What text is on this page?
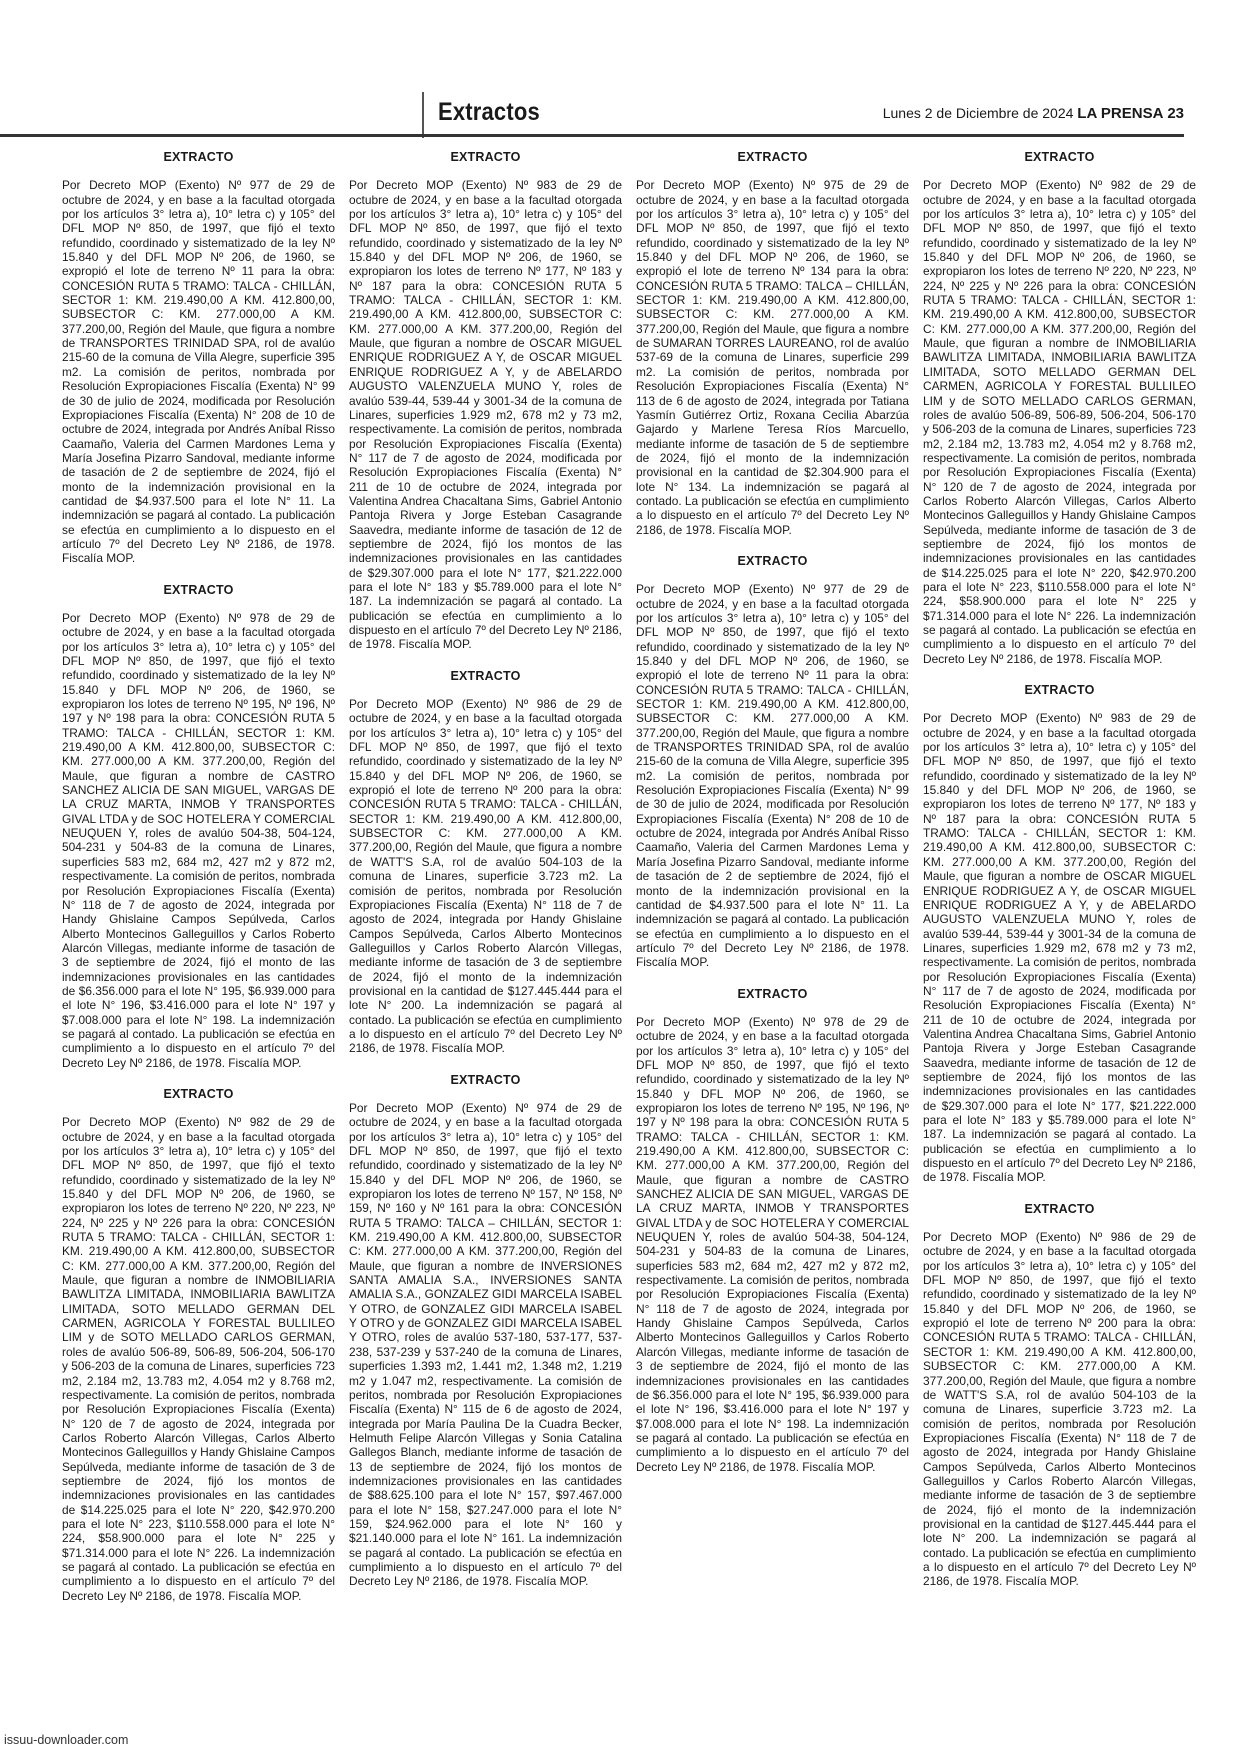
Extractos	Lunes 2 de Diciembre de 2024 LA PRENSA 23
EXTRACTO

Por Decreto MOP (Exento) Nº 977 de 29 de octubre de 2024, y en base a la facultad otorgada por los artículos 3° letra a), 10° letra c) y 105° del DFL MOP Nº 850, de 1997, que fijó el texto refundido, coordinado y sistematizado de la ley Nº 15.840 y del DFL MOP Nº 206, de 1960, se expropió el lote de terreno Nº 11 para la obra: CONCESIÓN RUTA 5 TRAMO: TALCA - CHILLÁN, SECTOR 1: KM. 219.490,00 A KM. 412.800,00, SUBSECTOR C: KM. 277.000,00 A KM. 377.200,00, Región del Maule, que figura a nombre de TRANSPORTES TRINIDAD SPA, rol de avalúo 215-60 de la comuna de Villa Alegre, superficie 395 m2. La comisión de peritos, nombrada por Resolución Expropiaciones Fiscalía (Exenta) N° 99 de 30 de julio de 2024, modificada por Resolución Expropiaciones Fiscalía (Exenta) N° 208 de 10 de octubre de 2024, integrada por Andrés Aníbal Risso Caamaño, Valeria del Carmen Mardones Lema y María Josefina Pizarro Sandoval, mediante informe de tasación de 2 de septiembre de 2024, fijó el monto de la indemnización provisional en la cantidad de $4.937.500 para el lote N° 11. La indemnización se pagará al contado. La publicación se efectúa en cumplimiento a lo dispuesto en el artículo 7º del Decreto Ley Nº 2186, de 1978. Fiscalía MOP.

EXTRACTO

Por Decreto MOP (Exento) Nº 978 de 29 de octubre de 2024, y en base a la facultad otorgada por los artículos 3° letra a), 10° letra c) y 105° del DFL MOP Nº 850, de 1997, que fijó el texto refundido, coordinado y sistematizado de la ley Nº 15.840 y DFL MOP Nº 206, de 1960, se expropiaron los lotes de terreno Nº 195, Nº 196, Nº 197 y Nº 198 para la obra: CONCESIÓN RUTA 5 TRAMO: TALCA - CHILLÁN, SECTOR 1: KM. 219.490,00 A KM. 412.800,00, SUBSECTOR C: KM. 277.000,00 A KM. 377.200,00, Región del Maule, que figuran a nombre de CASTRO SANCHEZ ALICIA DE SAN MIGUEL, VARGAS DE LA CRUZ MARTA, INMOB Y TRANSPORTES GIVAL LTDA y de SOC HOTELERA Y COMERCIAL NEUQUEN Y, roles de avalúo 504-38, 504-124, 504-231 y 504-83 de la comuna de Linares, superficies 583 m2, 684 m2, 427 m2 y 872 m2, respectivamente. La comisión de peritos, nombrada por Resolución Expropiaciones Fiscalía (Exenta) N° 118 de 7 de agosto de 2024, integrada por Handy Ghislaine Campos Sepúlveda, Carlos Alberto Montecinos Galleguillos y Carlos Roberto Alarcón Villegas, mediante informe de tasación de 3 de septiembre de 2024, fijó el monto de las indemnizaciones provisionales en las cantidades de $6.356.000 para el lote N° 195, $6.939.000 para el lote N° 196, $3.416.000 para el lote N° 197 y $7.008.000 para el lote N° 198. La indemnización se pagará al contado. La publicación se efectúa en cumplimiento a lo dispuesto en el artículo 7º del Decreto Ley Nº 2186, de 1978. Fiscalía MOP.

EXTRACTO

Por Decreto MOP (Exento) Nº 982 de 29 de octubre de 2024, y en base a la facultad otorgada por los artículos 3° letra a), 10° letra c) y 105° del DFL MOP Nº 850, de 1997, que fijó el texto refundido, coordinado y sistematizado de la ley Nº 15.840 y del DFL MOP Nº 206, de 1960, se expropiaron los lotes de terreno Nº 220, Nº 223, Nº 224, Nº 225 y Nº 226 para la obra: CONCESIÓN RUTA 5 TRAMO: TALCA - CHILLÁN, SECTOR 1: KM. 219.490,00 A KM. 412.800,00, SUBSECTOR C: KM. 277.000,00 A KM. 377.200,00, Región del Maule, que figuran a nombre de INMOBILIARIA BAWLITZA LIMITADA, INMOBILIARIA BAWLITZA LIMITADA, SOTO MELLADO GERMAN DEL CARMEN, AGRICOLA Y FORESTAL BULLILEO LIM y de SOTO MELLADO CARLOS GERMAN, roles de avalúo 506-89, 506-89, 506-204, 506-170 y 506-203 de la comuna de Linares, superficies 723 m2, 2.184 m2, 13.783 m2, 4.054 m2 y 8.768 m2, respectivamente. La comisión de peritos, nombrada por Resolución Expropiaciones Fiscalía (Exenta) N° 120 de 7 de agosto de 2024, integrada por Carlos Roberto Alarcón Villegas, Carlos Alberto Montecinos Galleguillos y Handy Ghislaine Campos Sepúlveda, mediante informe de tasación de 3 de septiembre de 2024, fijó los montos de indemnizaciones provisionales en las cantidades de $14.225.025 para el lote N° 220, $42.970.200 para el lote N° 223, $110.558.000 para el lote N° 224, $58.900.000 para el lote N° 225 y $71.314.000 para el lote N° 226. La indemnización se pagará al contado. La publicación se efectúa en cumplimiento a lo dispuesto en el artículo 7º del Decreto Ley Nº 2186, de 1978. Fiscalía MOP.

EXTRACTO

Por Decreto MOP (Exento) Nº 983 de 29 de octubre de 2024, y en base a la facultad otorgada por los artículos 3° letra a), 10° letra c) y 105° del DFL MOP Nº 850, de 1997, que fijó el texto refundido, coordinado y sistematizado de la ley Nº 15.840 y del DFL MOP Nº 206, de 1960, se expropiaron los lotes de terreno Nº 177, Nº 183 y Nº 187 para la obra: CONCESIÓN RUTA 5 TRAMO: TALCA - CHILLÁN, SECTOR 1: KM. 219.490,00 A KM. 412.800,00, SUBSECTOR C: KM. 277.000,00 A KM. 377.200,00, Región del Maule, que figuran a nombre de OSCAR MIGUEL ENRIQUE RODRIGUEZ A Y, de OSCAR MIGUEL ENRIQUE RODRIGUEZ A Y, y de ABELARDO AUGUSTO VALENZUELA MUNO Y, roles de avalúo 539-44, 539-44 y 3001-34 de la comuna de Linares, superficies 1.929 m2, 678 m2 y 73 m2, respectivamente. La comisión de peritos, nombrada por Resolución Expropiaciones Fiscalía (Exenta) N° 117 de 7 de agosto de 2024, modificada por Resolución Expropiaciones Fiscalía (Exenta) N° 211 de 10 de octubre de 2024, integrada por Valentina Andrea Chacaltana Sims, Gabriel Antonio Pantoja Rivera y Jorge Esteban Casagrande Saavedra, mediante informe de tasación de 12 de septiembre de 2024, fijó los montos de las indemnizaciones provisionales en las cantidades de $29.307.000 para el lote N° 177, $21.222.000 para el lote N° 183 y $5.789.000 para el lote N° 187. La indemnización se pagará al contado. La publicación se efectúa en cumplimiento a lo dispuesto en el artículo 7º del Decreto Ley Nº 2186, de 1978. Fiscalía MOP.

EXTRACTO

Por Decreto MOP (Exento) Nº 986 de 29 de octubre de 2024, y en base a la facultad otorgada por los artículos 3° letra a), 10° letra c) y 105° del DFL MOP Nº 850, de 1997, que fijó el texto refundido, coordinado y sistematizado de la ley Nº 15.840 y del DFL MOP Nº 206, de 1960, se expropió el lote de terreno Nº 200 para la obra: CONCESIÓN RUTA 5 TRAMO: TALCA - CHILLÁN, SECTOR 1: KM. 219.490,00 A KM. 412.800,00, SUBSECTOR C: KM. 277.000,00 A KM. 377.200,00, Región del Maule, que figura a nombre de WATT'S S.A, rol de avalúo 504-103 de la comuna de Linares, superficie 3.723 m2. La comisión de peritos, nombrada por Resolución Expropiaciones Fiscalía (Exenta) N° 118 de 7 de agosto de 2024, integrada por Handy Ghislaine Campos Sepúlveda, Carlos Alberto Montecinos Galleguillos y Carlos Roberto Alarcón Villegas, mediante informe de tasación de 3 de septiembre de 2024, fijó el monto de la indemnización provisional en la cantidad de $127.445.444 para el lote N° 200. La indemnización se pagará al contado. La publicación se efectúa en cumplimiento a lo dispuesto en el artículo 7º del Decreto Ley Nº 2186, de 1978. Fiscalía MOP.

EXTRACTO

Por Decreto MOP (Exento) Nº 974 de 29 de octubre de 2024, y en base a la facultad otorgada por los artículos 3° letra a), 10° letra c) y 105° del DFL MOP Nº 850, de 1997, que fijó el texto refundido, coordinado y sistematizado de la ley Nº 15.840 y del DFL MOP Nº 206, de 1960, se expropiaron los lotes de terreno Nº 157, Nº 158, Nº 159, Nº 160 y Nº 161 para la obra: CONCESIÓN RUTA 5 TRAMO: TALCA – CHILLÁN, SECTOR 1: KM. 219.490,00 A KM. 412.800,00, SUBSECTOR C: KM. 277.000,00 A KM. 377.200,00, Región del Maule, que figuran a nombre de INVERSIONES SANTA AMALIA S.A., INVERSIONES SANTA AMALIA S.A., GONZALEZ GIDI MARCELA ISABEL Y OTRO, de GONZALEZ GIDI MARCELA ISABEL Y OTRO y de GONZALEZ GIDI MARCELA ISABEL Y OTRO, roles de avalúo 537-180, 537-177, 537-238, 537-239 y 537-240 de la comuna de Linares, superficies 1.393 m2, 1.441 m2, 1.348 m2, 1.219 m2 y 1.047 m2, respectivamente. La comisión de peritos, nombrada por Resolución Expropiaciones Fiscalía (Exenta) N° 115 de 6 de agosto de 2024, integrada por María Paulina De la Cuadra Becker, Helmuth Felipe Alarcón Villegas y Sonia Catalina Gallegos Blanch, mediante informe de tasación de 13 de septiembre de 2024, fijó los montos de indemnizaciones provisionales en las cantidades de $88.625.100 para el lote N° 157, $97.467.000 para el lote N° 158, $27.247.000 para el lote N° 159, $24.962.000 para el lote N° 160 y $21.140.000 para el lote N° 161. La indemnización se pagará al contado. La publicación se efectúa en cumplimiento a lo dispuesto en el artículo 7º del Decreto Ley Nº 2186, de 1978. Fiscalía MOP.

EXTRACTO

Por Decreto MOP (Exento) Nº 975 de 29 de octubre de 2024, y en base a la facultad otorgada por los artículos 3° letra a), 10° letra c) y 105° del DFL MOP Nº 850, de 1997, que fijó el texto refundido, coordinado y sistematizado de la ley Nº 15.840 y del DFL MOP Nº 206, de 1960, se expropió el lote de terreno Nº 134 para la obra: CONCESIÓN RUTA 5 TRAMO: TALCA – CHILLÁN, SECTOR 1: KM. 219.490,00 A KM. 412.800,00, SUBSECTOR C: KM. 277.000,00 A KM. 377.200,00, Región del Maule, que figura a nombre de SUMARAN TORRES LAUREANO, rol de avalúo 537-69 de la comuna de Linares, superficie 299 m2. La comisión de peritos, nombrada por Resolución Expropiaciones Fiscalía (Exenta) N° 113 de 6 de agosto de 2024, integrada por Tatiana Yasmín Gutiérrez Ortiz, Roxana Cecilia Abarzúa Gajardo y Marlene Teresa Ríos Marcuello, mediante informe de tasación de 5 de septiembre de 2024, fijó el monto de la indemnización provisional en la cantidad de $2.304.900 para el lote N° 134. La indemnización se pagará al contado. La publicación se efectúa en cumplimiento a lo dispuesto en el artículo 7º del Decreto Ley Nº 2186, de 1978. Fiscalía MOP.

EXTRACTO

Por Decreto MOP (Exento) Nº 977 de 29 de octubre de 2024, y en base a la facultad otorgada por los artículos 3° letra a), 10° letra c) y 105° del DFL MOP Nº 850, de 1997, que fijó el texto refundido, coordinado y sistematizado de la ley Nº 15.840 y del DFL MOP Nº 206, de 1960, se expropió el lote de terreno Nº 11 para la obra: CONCESIÓN RUTA 5 TRAMO: TALCA - CHILLÁN, SECTOR 1: KM. 219.490,00 A KM. 412.800,00, SUBSECTOR C: KM. 277.000,00 A KM. 377.200,00, Región del Maule, que figura a nombre de TRANSPORTES TRINIDAD SPA, rol de avalúo 215-60 de la comuna de Villa Alegre, superficie 395 m2. La comisión de peritos, nombrada por Resolución Expropiaciones Fiscalía (Exenta) N° 99 de 30 de julio de 2024, modificada por Resolución Expropiaciones Fiscalía (Exenta) N° 208 de 10 de octubre de 2024, integrada por Andrés Aníbal Risso Caamaño, Valeria del Carmen Mardones Lema y María Josefina Pizarro Sandoval, mediante informe de tasación de 2 de septiembre de 2024, fijó el monto de la indemnización provisional en la cantidad de $4.937.500 para el lote N° 11. La indemnización se pagará al contado. La publicación se efectúa en cumplimiento a lo dispuesto en el artículo 7º del Decreto Ley Nº 2186, de 1978. Fiscalía MOP.

EXTRACTO

Por Decreto MOP (Exento) Nº 978 de 29 de octubre de 2024, y en base a la facultad otorgada por los artículos 3° letra a), 10° letra c) y 105° del DFL MOP Nº 850, de 1997, que fijó el texto refundido, coordinado y sistematizado de la ley Nº 15.840 y DFL MOP Nº 206, de 1960, se expropiaron los lotes de terreno Nº 195, Nº 196, Nº 197 y Nº 198 para la obra: CONCESIÓN RUTA 5 TRAMO: TALCA - CHILLÁN, SECTOR 1: KM. 219.490,00 A KM. 412.800,00, SUBSECTOR C: KM. 277.000,00 A KM. 377.200,00, Región del Maule, que figuran a nombre de CASTRO SANCHEZ ALICIA DE SAN MIGUEL, VARGAS DE LA CRUZ MARTA, INMOB Y TRANSPORTES GIVAL LTDA y de SOC HOTELERA Y COMERCIAL NEUQUEN Y, roles de avalúo 504-38, 504-124, 504-231 y 504-83 de la comuna de Linares, superficies 583 m2, 684 m2, 427 m2 y 872 m2, respectivamente. La comisión de peritos, nombrada por Resolución Expropiaciones Fiscalía (Exenta) N° 118 de 7 de agosto de 2024, integrada por Handy Ghislaine Campos Sepúlveda, Carlos Alberto Montecinos Galleguillos y Carlos Roberto Alarcón Villegas, mediante informe de tasación de 3 de septiembre de 2024, fijó el monto de las indemnizaciones provisionales en las cantidades de $6.356.000 para el lote N° 195, $6.939.000 para el lote N° 196, $3.416.000 para el lote N° 197 y $7.008.000 para el lote N° 198. La indemnización se pagará al contado. La publicación se efectúa en cumplimiento a lo dispuesto en el artículo 7º del Decreto Ley Nº 2186, de 1978. Fiscalía MOP.

EXTRACTO

Por Decreto MOP (Exento) Nº 982 de 29 de octubre de 2024, y en base a la facultad otorgada por los artículos 3° letra a), 10° letra c) y 105° del DFL MOP Nº 850, de 1997, que fijó el texto refundido, coordinado y sistematizado de la ley Nº 15.840 y del DFL MOP Nº 206, de 1960, se expropiaron los lotes de terreno Nº 220, Nº 223, Nº 224, Nº 225 y Nº 226 para la obra: CONCESIÓN RUTA 5 TRAMO: TALCA - CHILLÁN, SECTOR 1: KM. 219.490,00 A KM. 412.800,00, SUBSECTOR C: KM. 277.000,00 A KM. 377.200,00, Región del Maule, que figuran a nombre de INMOBILIARIA BAWLITZA LIMITADA, INMOBILIARIA BAWLITZA LIMITADA, SOTO MELLADO GERMAN DEL CARMEN, AGRICOLA Y FORESTAL BULLILEO LIM y de SOTO MELLADO CARLOS GERMAN, roles de avalúo 506-89, 506-89, 506-204, 506-170 y 506-203 de la comuna de Linares, superficies 723 m2, 2.184 m2, 13.783 m2, 4.054 m2 y 8.768 m2, respectivamente. La comisión de peritos, nombrada por Resolución Expropiaciones Fiscalía (Exenta) N° 120 de 7 de agosto de 2024, integrada por Carlos Roberto Alarcón Villegas, Carlos Alberto Montecinos Galleguillos y Handy Ghislaine Campos Sepúlveda, mediante informe de tasación de 3 de septiembre de 2024, fijó los montos de indemnizaciones provisionales en las cantidades de $14.225.025 para el lote N° 220, $42.970.200 para el lote N° 223, $110.558.000 para el lote N° 224, $58.900.000 para el lote N° 225 y $71.314.000 para el lote N° 226. La indemnización se pagará al contado. La publicación se efectúa en cumplimiento a lo dispuesto en el artículo 7º del Decreto Ley Nº 2186, de 1978. Fiscalía MOP.

EXTRACTO

Por Decreto MOP (Exento) Nº 983 de 29 de octubre de 2024, y en base a la facultad otorgada por los artículos 3° letra a), 10° letra c) y 105° del DFL MOP Nº 850, de 1997, que fijó el texto refundido, coordinado y sistematizado de la ley Nº 15.840 y del DFL MOP Nº 206, de 1960, se expropiaron los lotes de terreno Nº 177, Nº 183 y Nº 187 para la obra: CONCESIÓN RUTA 5 TRAMO: TALCA - CHILLÁN, SECTOR 1: KM. 219.490,00 A KM. 412.800,00, SUBSECTOR C: KM. 277.000,00 A KM. 377.200,00, Región del Maule, que figuran a nombre de OSCAR MIGUEL ENRIQUE RODRIGUEZ A Y, de OSCAR MIGUEL ENRIQUE RODRIGUEZ A Y, y de ABELARDO AUGUSTO VALENZUELA MUNO Y, roles de avalúo 539-44, 539-44 y 3001-34 de la comuna de Linares, superficies 1.929 m2, 678 m2 y 73 m2, respectivamente. La comisión de peritos, nombrada por Resolución Expropiaciones Fiscalía (Exenta) N° 117 de 7 de agosto de 2024, modificada por Resolución Expropiaciones Fiscalía (Exenta) N° 211 de 10 de octubre de 2024, integrada por Valentina Andrea Chacaltana Sims, Gabriel Antonio Pantoja Rivera y Jorge Esteban Casagrande Saavedra, mediante informe de tasación de 12 de septiembre de 2024, fijó los montos de las indemnizaciones provisionales en las cantidades de $29.307.000 para el lote N° 177, $21.222.000 para el lote N° 183 y $5.789.000 para el lote N° 187. La indemnización se pagará al contado. La publicación se efectúa en cumplimiento a lo dispuesto en el artículo 7º del Decreto Ley Nº 2186, de 1978. Fiscalía MOP.

EXTRACTO

Por Decreto MOP (Exento) Nº 986 de 29 de octubre de 2024, y en base a la facultad otorgada por los artículos 3° letra a), 10° letra c) y 105° del DFL MOP Nº 850, de 1997, que fijó el texto refundido, coordinado y sistematizado de la ley Nº 15.840 y del DFL MOP Nº 206, de 1960, se expropió el lote de terreno Nº 200 para la obra: CONCESIÓN RUTA 5 TRAMO: TALCA - CHILLÁN, SECTOR 1: KM. 219.490,00 A KM. 412.800,00, SUBSECTOR C: KM. 277.000,00 A KM. 377.200,00, Región del Maule, que figura a nombre de WATT'S S.A, rol de avalúo 504-103 de la comuna de Linares, superficie 3.723 m2. La comisión de peritos, nombrada por Resolución Expropiaciones Fiscalía (Exenta) N° 118 de 7 de agosto de 2024, integrada por Handy Ghislaine Campos Sepúlveda, Carlos Alberto Montecinos Galleguillos y Carlos Roberto Alarcón Villegas, mediante informe de tasación de 3 de septiembre de 2024, fijó el monto de la indemnización provisional en la cantidad de $127.445.444 para el lote N° 200. La indemnización se pagará al contado. La publicación se efectúa en cumplimiento a lo dispuesto en el artículo 7º del Decreto Ley Nº 2186, de 1978. Fiscalía MOP.

issuu-downloader.com
